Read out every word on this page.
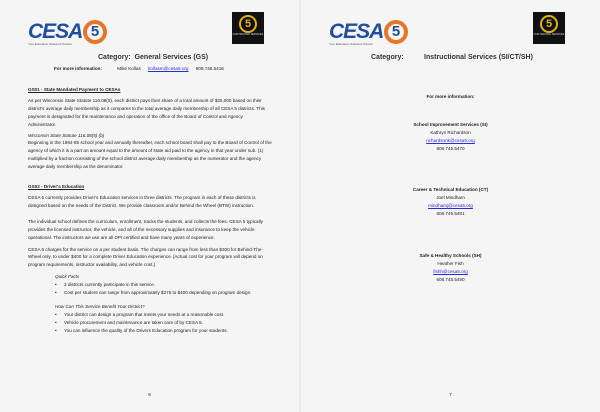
CESA 5
Your Education Solutions Partner
5
CONTRACTED SERVICES
Category: General Services (GS)
For more information:	Mike Kollas kollasm@cesa5.org 608.745.5416
GS01 - State Mandated Payment to CESAs
As per Wisconsin State Statute 116.08(5), each district pays their share of a total amount of $25,000 based on their district's average daily membership as it compares to the total average daily membership of all CESA 5 districts. This payment is designated for the maintenance and operation of the office of the Board of Control and Agency Administrator.
Wisconsin State Statute 116.08(5) (b)
Beginning in the 1984-85 school year and annually thereafter, each school board shall pay to the Board of Control of the agency of which it is a part an amount equal to the amount of state aid paid to the agency in that year under sub. (1) multiplied by a fraction consisting of the school district average daily membership as the numerator and the agency average daily membership as the denominator.
GS02 - Driver's Education
CESA 5 currently provides Driver's Education services in three districts. The program in each of these districts is designed based on the needs of the District. We provide classroom and/or Behind the Wheel (BTW) instruction.
The individual school defines the curriculum, enrollment, tracks the students, and collects the fees. CESA 5 typically provides the licensed instructor, the vehicle, and all of the necessary supplies and insurance to keep the vehicle operational. The instructors we use are all DPI certified and have many years of experience.
CESA 5 charges for the service on a per student basis. The charges can range from less than $300 for Behind-The-Wheel only, to under $400 for a complete Driver Education experience. [Actual cost for your program will depend on program requirements, instructor availability, and vehicle cost.]
Quick Facts
• 3 districts currently participate in this service.
• Cost per student can range from approximately $275 to $400 depending on program design.
How Can This Service Benefit Your District?
• Your district can design a program that meets your needs at a reasonable cost.
• Vehicle procurement and maintenance are taken care of by CESA 5.
• You can influence the quality of the Drivers Education program for your students.
6
CESA 5
Your Education Solutions Partner
5
CONTRACTED SERVICES
Category:	Instructional Services (SI/CT/SH)
For more information:
School Improvement Services (SI)
Kathryn Richardson
richardsonk@cesa5.org
608.745.5470
Career & Technical Education (CT)
Joel Mindham
mindhamj@cesa5.org
608.745.5481
Safe & Healthy Schools (SH)
Heather Fish
fishh@cesa5.org
608.745.5490
7
